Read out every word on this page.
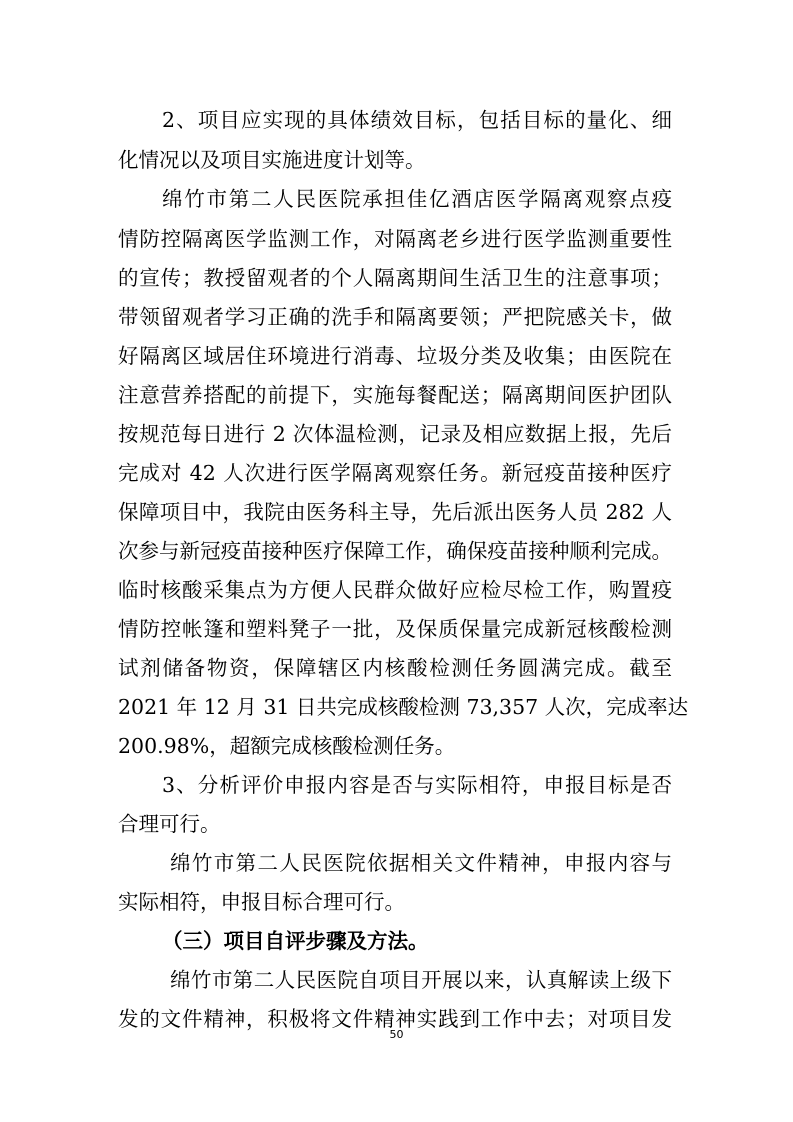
2、项目应实现的具体绩效目标，包括目标的量化、细

化情况以及项目实施进度计划等。

绵竹市第二人民医院承担佳亿酒店医学隔离观察点疫

情防控隔离医学监测工作，对隔离老乡进行医学监测重要性

的宣传；教授留观者的个人隔离期间生活卫生的注意事项；

带领留观者学习正确的洗手和隔离要领；严把院感关卡，做

好隔离区域居住环境进行消毒、垃圾分类及收集；由医院在

注意营养搭配的前提下，实施每餐配送；隔离期间医护团队

按规范每日进行 2 次体温检测，记录及相应数据上报，先后

完成对 42 人次进行医学隔离观察任务。新冠疫苗接种医疗

保障项目中，我院由医务科主导，先后派出医务人员 282 人

次参与新冠疫苗接种医疗保障工作，确保疫苗接种顺利完成。

临时核酸采集点为方便人民群众做好应检尽检工作，购置疫

情防控帐篷和塑料凳子一批，及保质保量完成新冠核酸检测

试剂储备物资，保障辖区内核酸检测任务圆满完成。截至

2021 年 12 月 31 日共完成核酸检测 73,357 人次，完成率达

200.98%，超额完成核酸检测任务。

3、分析评价申报内容是否与实际相符，申报目标是否

合理可行。

绵竹市第二人民医院依据相关文件精神，申报内容与

实际相符，申报目标合理可行。

（三）项目自评步骤及方法。

绵竹市第二人民医院自项目开展以来，认真解读上级下

发的文件精神，积极将文件精神实践到工作中去；对项目发

50
